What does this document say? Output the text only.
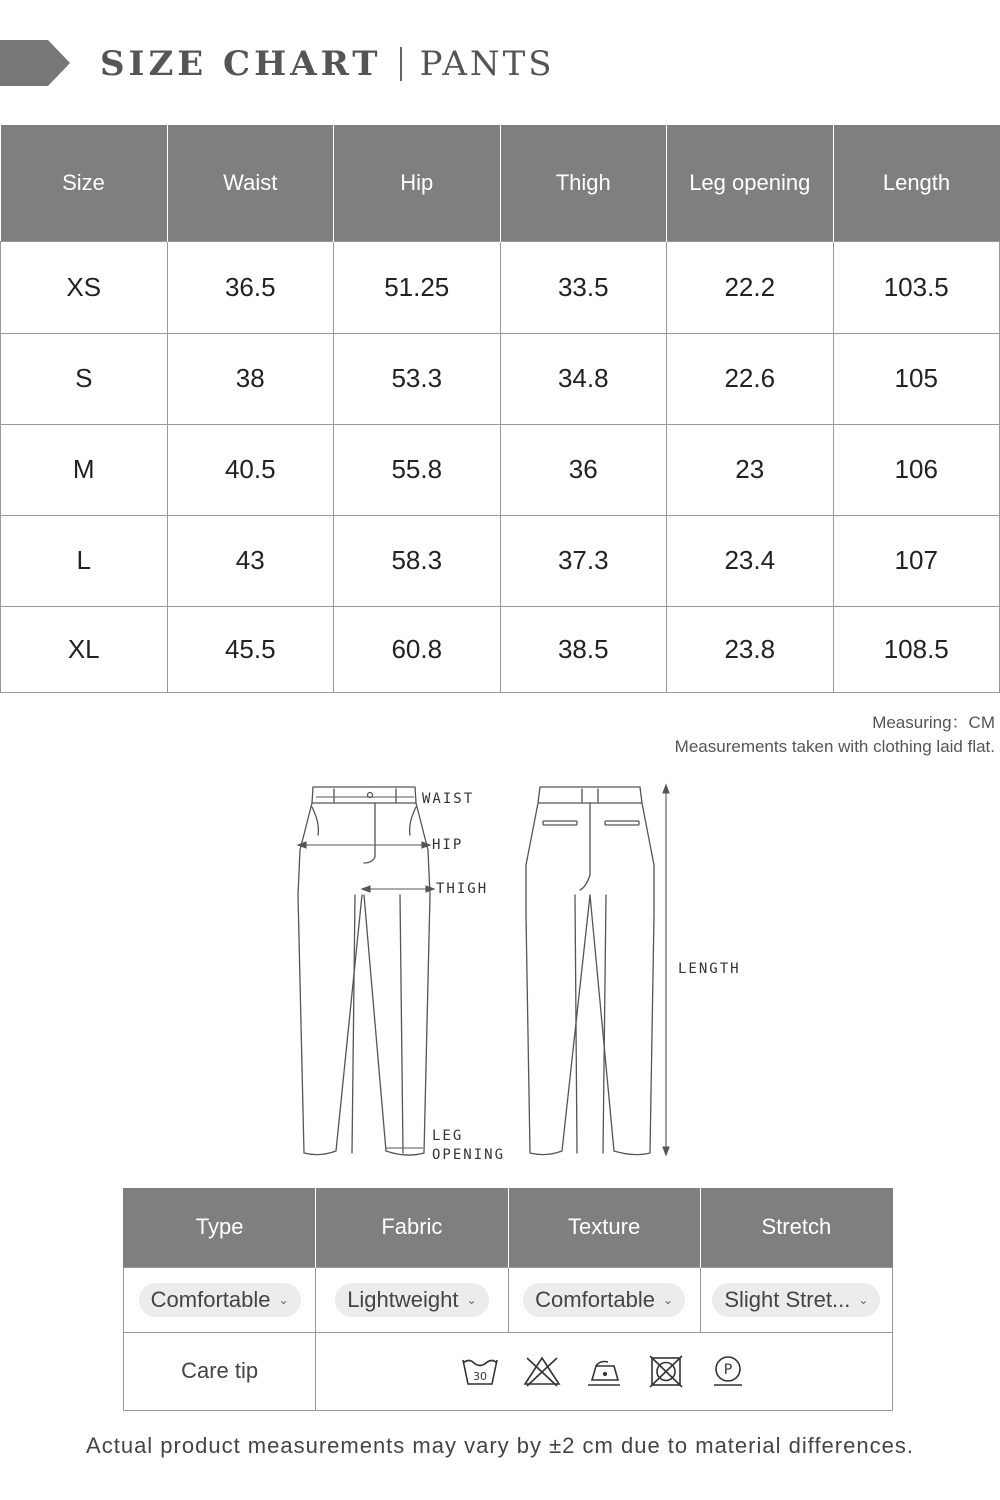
SIZE CHART PANTS
Size	Waist	Hip	Thigh	Leg opening	Length
XS	36.5	51.25	33.5	22.2	103.5
S	38	53.3	34.8	22.6	105
M	40.5	55.8	36	23	106
L	43	58.3	37.3	23.4	107
XL	45.5	60.8	38.5	23.8	108.5
Measuring：CM
Measurements taken with clothing laid flat.
WAIST
HIP
THIGH
LENGTH
LEG
OPENING
Type	Fabric	Texture	Stretch

Comfortable ⌄	Lightweight ⌄	Comfortable ⌄	Slight Stret... ⌄

Care tip	30 P		
Actual product measurements may vary by ±2 cm due to material differences.
